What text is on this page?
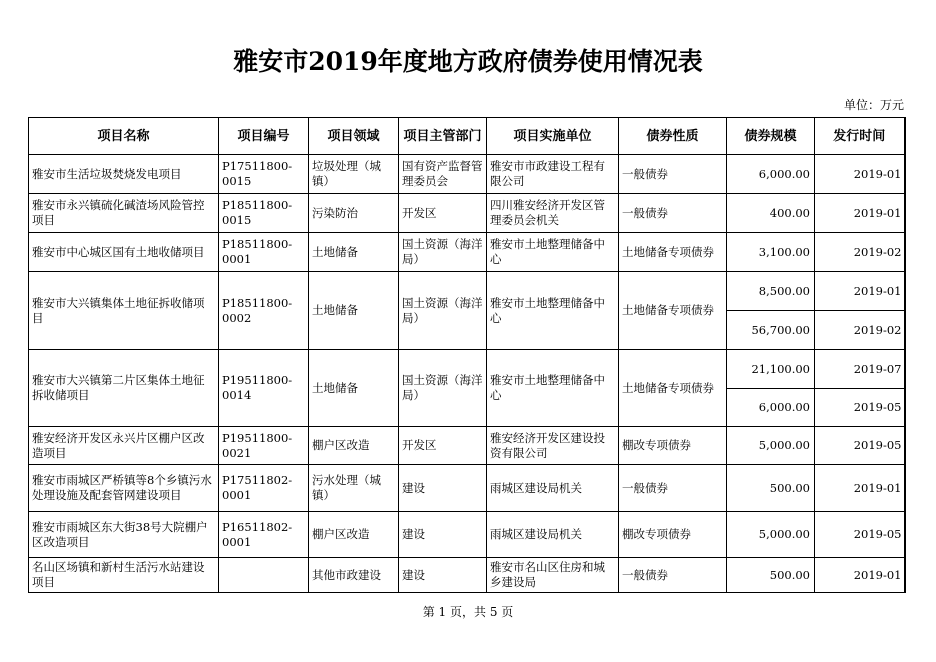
雅安市2019年度地方政府债券使用情况表
单位：万元
项目名称	项目编号	项目领域	项目主管部门	项目实施单位	债券性质	债券规模	发行时间
雅安市生活垃圾焚烧发电项目	P17511800-0015	垃圾处理（城镇）	国有资产监督管理委员会	雅安市市政建设工程有限公司	一般债券	6,000.00	2019-01
雅安市永兴镇硫化碱渣场风险管控项目	P18511800-0015	污染防治	开发区	四川雅安经济开发区管理委员会机关	一般债券	400.00	2019-01
雅安市中心城区国有土地收储项目	P18511800-0001	土地储备	国土资源（海洋局）	雅安市土地整理储备中心	土地储备专项债券	3,100.00	2019-02
雅安市大兴镇集体土地征拆收储项目	P18511800-0002	土地储备	国土资源（海洋局）	雅安市土地整理储备中心	土地储备专项债券	8,500.00	2019-01
						56,700.00	2019-02
雅安市大兴镇第二片区集体土地征拆收储项目	P19511800-0014	土地储备	国土资源（海洋局）	雅安市土地整理储备中心	土地储备专项债券	21,100.00	2019-07
						6,000.00	2019-05
雅安经济开发区永兴片区棚户区改造项目	P19511800-0021	棚户区改造	开发区	雅安经济开发区建设投资有限公司	棚改专项债券	5,000.00	2019-05
雅安市雨城区严桥镇等8个乡镇污水处理设施及配套管网建设项目	P17511802-0001	污水处理（城镇）	建设	雨城区建设局机关	一般债券	500.00	2019-01
雅安市雨城区东大街38号大院棚户区改造项目	P16511802-0001	棚户区改造	建设	雨城区建设局机关	棚改专项债券	5,000.00	2019-05
名山区场镇和新村生活污水站建设项目		其他市政建设	建设	雅安市名山区住房和城乡建设局	一般债券	500.00	2019-01
第 1 页，共 5 页
